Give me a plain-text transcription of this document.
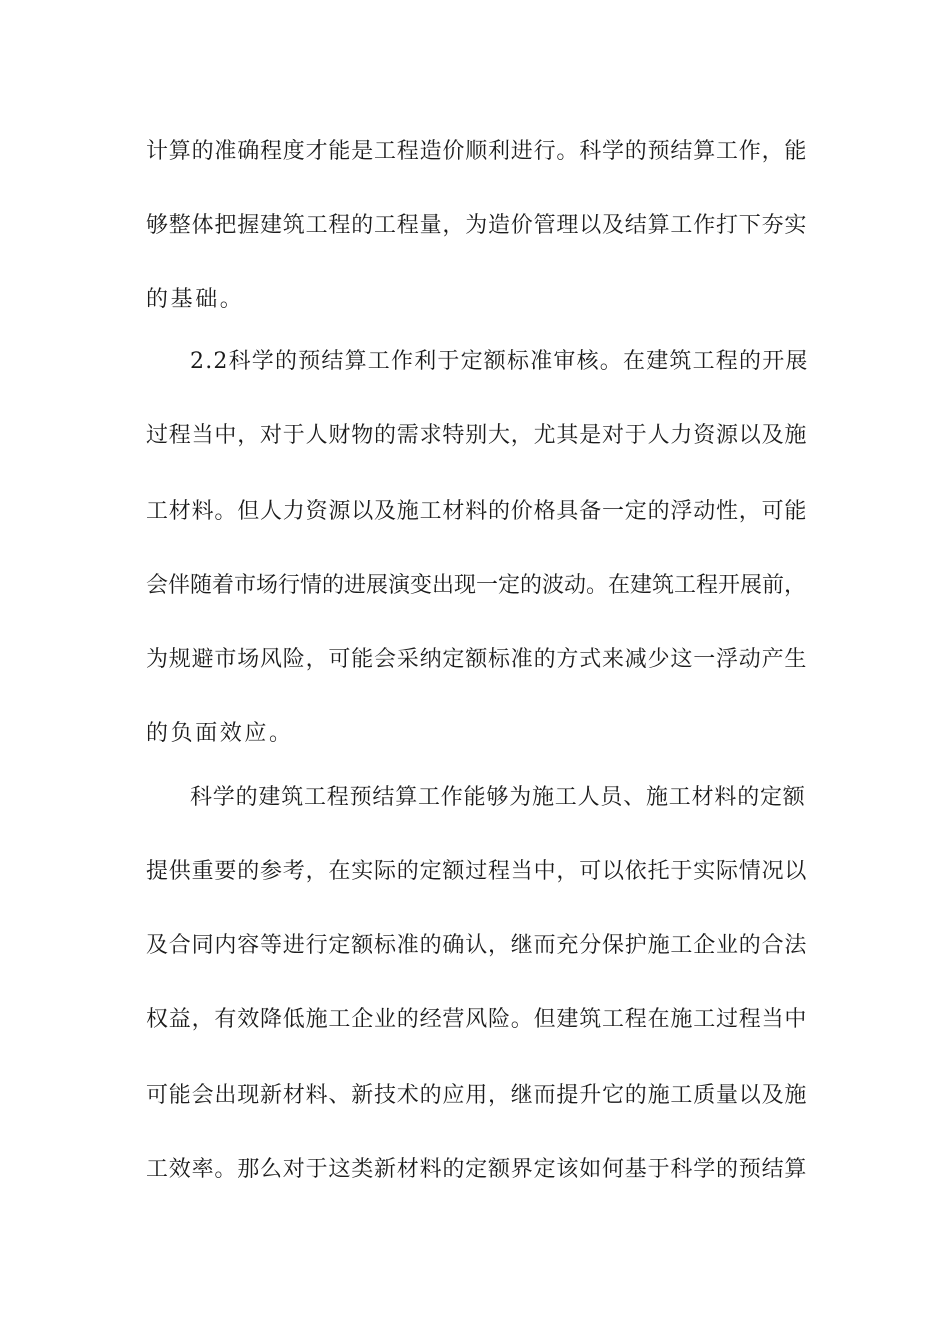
计算的准确程度才能是工程造价顺利进行。科学的预结算工作，能
够整体把握建筑工程的工程量，为造价管理以及结算工作打下夯实
的基础。
2.2科学的预结算工作利于定额标准审核。在建筑工程的开展
过程当中，对于人财物的需求特别大，尤其是对于人力资源以及施
工材料。但人力资源以及施工材料的价格具备一定的浮动性，可能
会伴随着市场行情的进展演变出现一定的波动。在建筑工程开展前，
为规避市场风险，可能会采纳定额标准的方式来减少这一浮动产生
的负面效应。
科学的建筑工程预结算工作能够为施工人员、施工材料的定额
提供重要的参考，在实际的定额过程当中，可以依托于实际情况以
及合同内容等进行定额标准的确认，继而充分保护施工企业的合法
权益，有效降低施工企业的经营风险。但建筑工程在施工过程当中
可能会出现新材料、新技术的应用，继而提升它的施工质量以及施
工效率。那么对于这类新材料的定额界定该如何基于科学的预结算
